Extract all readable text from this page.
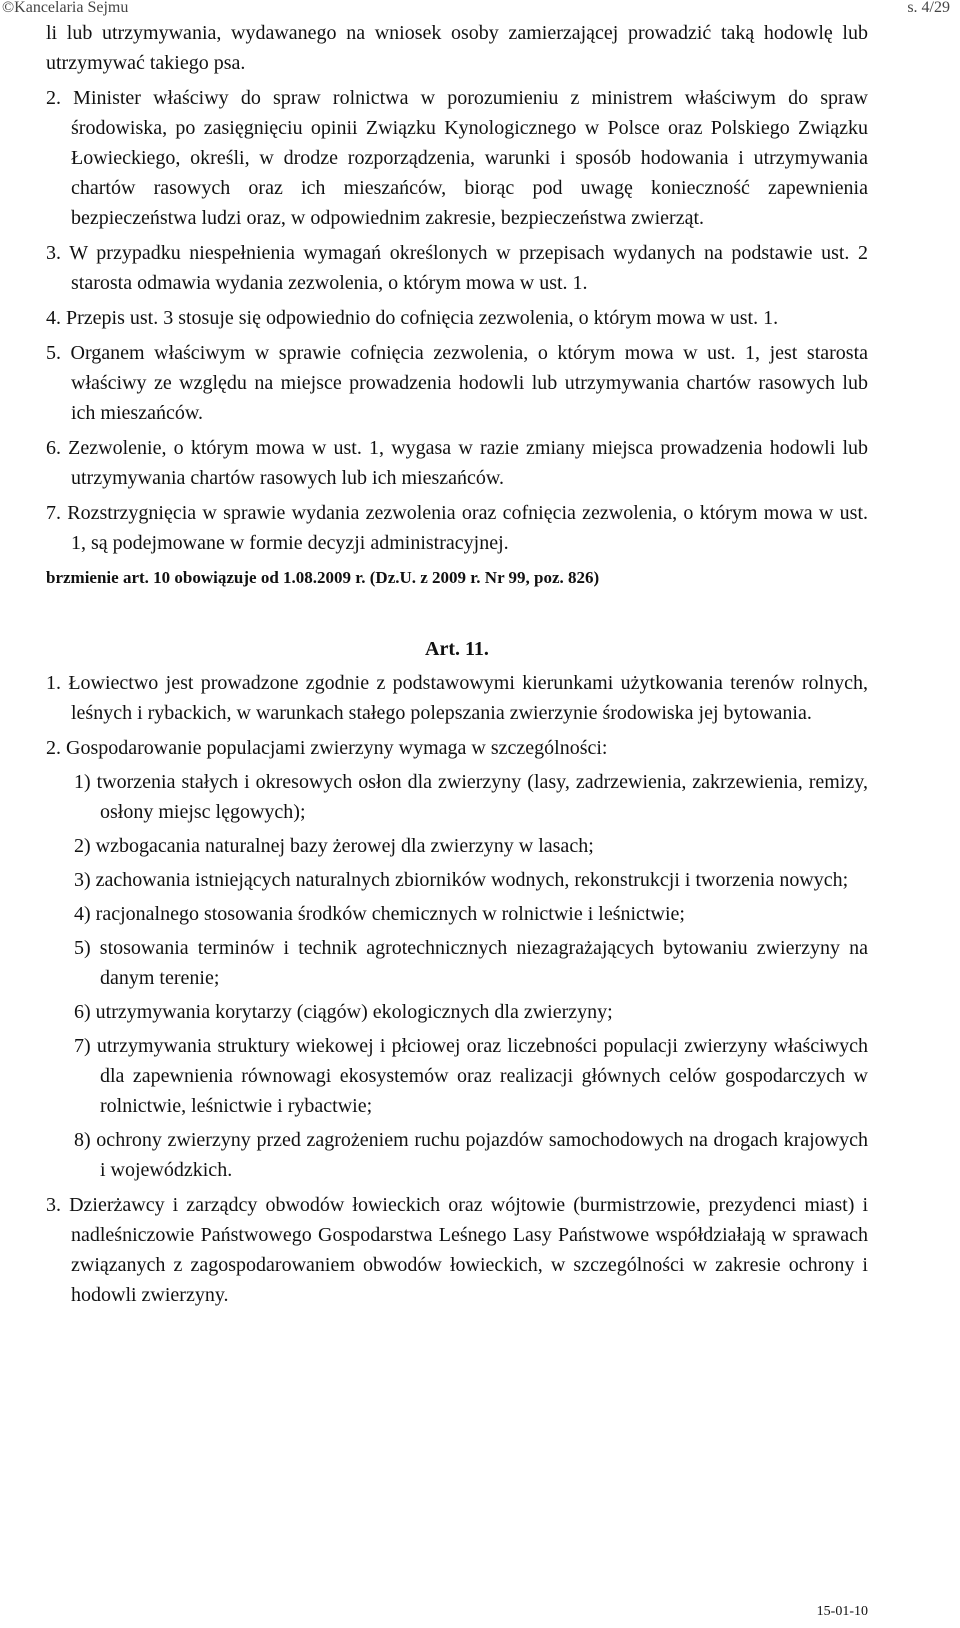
©Kancelaria Sejmu	s. 4/29

li lub utrzymywania, wydawanego na wniosek osoby zamierzającej prowadzić taką hodowlę lub utrzymywać takiego psa.

2. Minister właściwy do spraw rolnictwa w porozumieniu z ministrem właściwym do spraw środowiska, po zasięgnięciu opinii Związku Kynologicznego w Polsce oraz Polskiego Związku Łowieckiego, określi, w drodze rozporządzenia, warunki i sposób hodowania i utrzymywania chartów rasowych oraz ich mieszańców, biorąc pod uwagę konieczność zapewnienia bezpieczeństwa ludzi oraz, w odpowiednim zakresie, bezpieczeństwa zwierząt.

3. W przypadku niespełnienia wymagań określonych w przepisach wydanych na podstawie ust. 2 starosta odmawia wydania zezwolenia, o którym mowa w ust. 1.

4. Przepis ust. 3 stosuje się odpowiednio do cofnięcia zezwolenia, o którym mowa w ust. 1.

5. Organem właściwym w sprawie cofnięcia zezwolenia, o którym mowa w ust. 1, jest starosta właściwy ze względu na miejsce prowadzenia hodowli lub utrzymywania chartów rasowych lub ich mieszańców.

6. Zezwolenie, o którym mowa w ust. 1, wygasa w razie zmiany miejsca prowadzenia hodowli lub utrzymywania chartów rasowych lub ich mieszańców.

7. Rozstrzygnięcia w sprawie wydania zezwolenia oraz cofnięcia zezwolenia, o którym mowa w ust. 1, są podejmowane w formie decyzji administracyjnej.

brzmienie art. 10 obowiązuje od 1.08.2009 r. (Dz.U. z 2009 r. Nr 99, poz. 826)

Art. 11.

1. Łowiectwo jest prowadzone zgodnie z podstawowymi kierunkami użytkowania terenów rolnych, leśnych i rybackich, w warunkach stałego polepszania zwierzynie środowiska jej bytowania.

2. Gospodarowanie populacjami zwierzyny wymaga w szczególności:

1) tworzenia stałych i okresowych osłon dla zwierzyny (lasy, zadrzewienia, zakrzewienia, remizy, osłony miejsc lęgowych);

2) wzbogacania naturalnej bazy żerowej dla zwierzyny w lasach;

3) zachowania istniejących naturalnych zbiorników wodnych, rekonstrukcji i tworzenia nowych;

4) racjonalnego stosowania środków chemicznych w rolnictwie i leśnictwie;

5) stosowania terminów i technik agrotechnicznych niezagrażających bytowaniu zwierzyny na danym terenie;

6) utrzymywania korytarzy (ciągów) ekologicznych dla zwierzyny;

7) utrzymywania struktury wiekowej i płciowej oraz liczebności populacji zwierzyny właściwych dla zapewnienia równowagi ekosystemów oraz realizacji głównych celów gospodarczych w rolnictwie, leśnictwie i rybactwie;

8) ochrony zwierzyny przed zagrożeniem ruchu pojazdów samochodowych na drogach krajowych i wojewódzkich.

3. Dzierżawcy i zarządcy obwodów łowieckich oraz wójtowie (burmistrzowie, prezydenci miast) i nadleśniczowie Państwowego Gospodarstwa Leśnego Lasy Państwowe współdziałają w sprawach związanych z zagospodarowaniem obwodów łowieckich, w szczególności w zakresie ochrony i hodowli zwierzyny.

15-01-10
